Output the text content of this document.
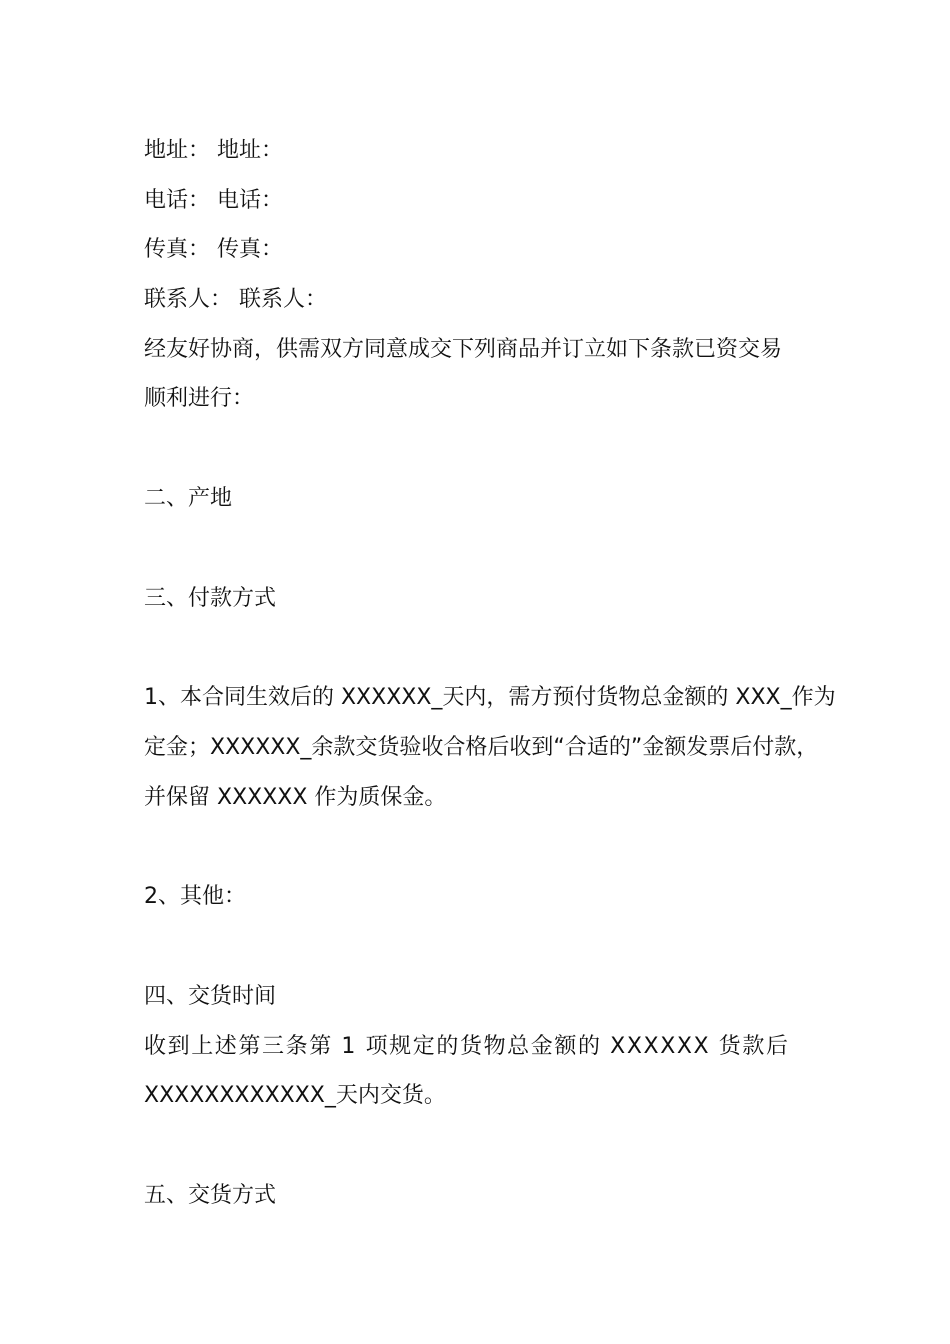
地址： 地址：
电话： 电话：
传真： 传真：
联系人： 联系人：
经友好协商，供需双方同意成交下列商品并订立如下条款已资交易
顺利进行：
二、产地
三、付款方式
1、本合同生效后的 XXXXXX_天内，需方预付货物总金额的 XXX_作为
定金；XXXXXX_余款交货验收合格后收到“合适的”金额发票后付款，
并保留 XXXXXX 作为质保金。
2、其他：
四、交货时间
收到上述第三条第 1 项规定的货物总金额的 XXXXXX 货款后
XXXXXXXXXXXX_天内交货。
五、交货方式
